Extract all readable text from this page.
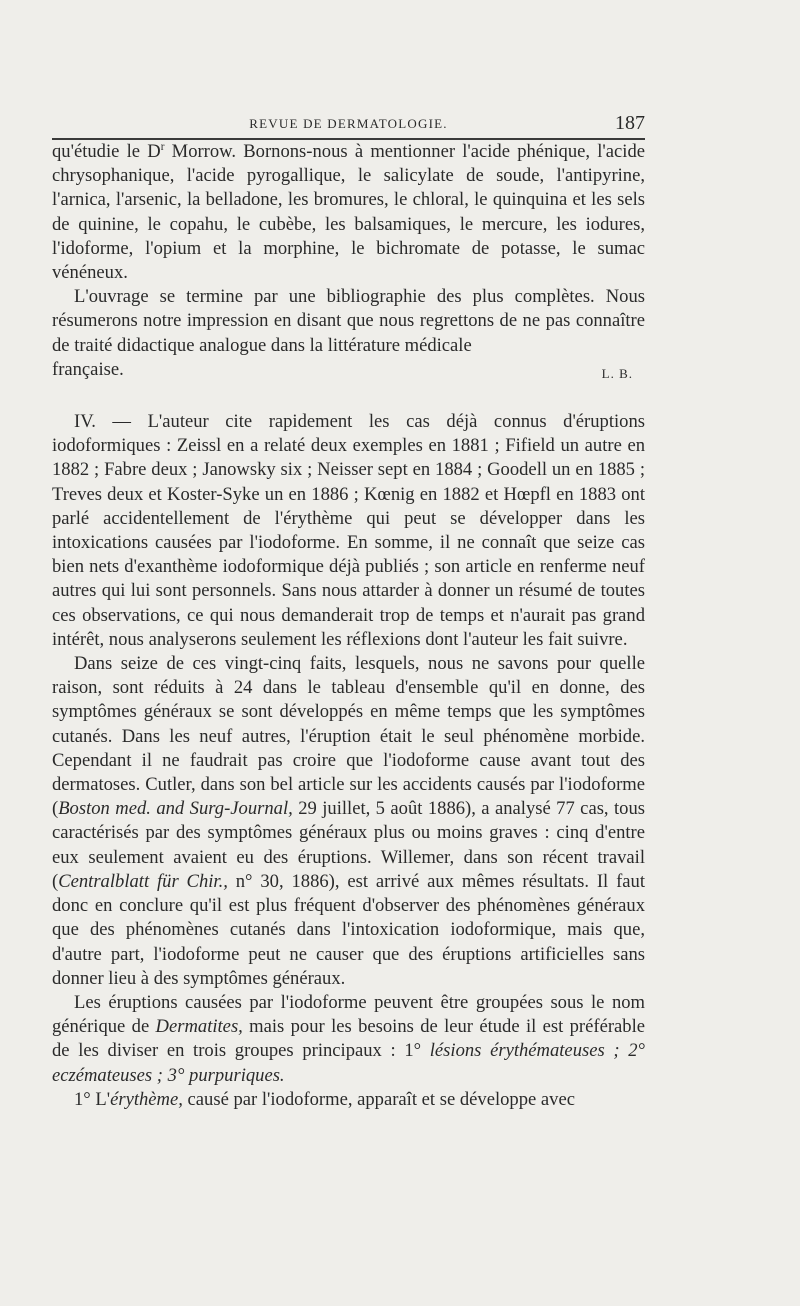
REVUE DE DERMATOLOGIE.	187

qu'étudie le $D^r$ Morrow. Bornons-nous à mentionner l'acide phénique, l'acide chrysophanique, l'acide pyrogallique, le salicylate de soude, l'antipyrine, l'arnica, l'arsenic, la belladone, les bromures, le chloral, le quinquina et les sels de quinine, le copahu, le cubèbe, les balsamiques, le mercure, les iodures, l'idoforme, l'opium et la morphine, le bichromate de potasse, le sumac vénéneux.

L'ouvrage se termine par une bibliographie des plus complètes. Nous résumerons notre impression en disant que nous regrettons de ne pas connaître de traité didactique analogue dans la littérature médicale

française.	L. B.

IV. — L'auteur cite rapidement les cas déjà connus d'éruptions iodoformiques : Zeissl en a relaté deux exemples en 1881 ; Fifield un autre en 1882 ; Fabre deux ; Janowsky six ; Neisser sept en 1884 ; Goodell un en 1885 ; Treves deux et Koster-Syke un en 1886 ; Kœnig en 1882 et Hœpfl en 1883 ont parlé accidentellement de l'érythème qui peut se développer dans les intoxications causées par l'iodoforme. En somme, il ne connaît que seize cas bien nets d'exanthème iodoformique déjà publiés ; son article en renferme neuf autres qui lui sont personnels. Sans nous attarder à donner un résumé de toutes ces observations, ce qui nous demanderait trop de temps et n'aurait pas grand intérêt, nous analyserons seulement les réflexions dont l'auteur les fait suivre.

Dans seize de ces vingt-cinq faits, lesquels, nous ne savons pour quelle raison, sont réduits à 24 dans le tableau d'ensemble qu'il en donne, des symptômes généraux se sont développés en même temps que les symptômes cutanés. Dans les neuf autres, l'éruption était le seul phénomène morbide. Cependant il ne faudrait pas croire que l'iodoforme cause avant tout des dermatoses. Cutler, dans son bel article sur les accidents causés par l'iodoforme (Boston med. and Surg-Journal, 29 juillet, 5 août 1886), a analysé 77 cas, tous caractérisés par des symptômes généraux plus ou moins graves : cinq d'entre eux seulement avaient eu des éruptions. Willemer, dans son récent travail (Centralblatt für Chir., n° 30, 1886), est arrivé aux mêmes résultats. Il faut donc en conclure qu'il est plus fréquent d'observer des phénomènes généraux que des phénomènes cutanés dans l'intoxication iodoformique, mais que, d'autre part, l'iodoforme peut ne causer que des éruptions artificielles sans donner lieu à des symptômes généraux.

Les éruptions causées par l'iodoforme peuvent être groupées sous le nom générique de Dermatites, mais pour les besoins de leur étude il est préférable de les diviser en trois groupes principaux : 1° lésions érythémateuses ; 2° eczémateuses ; 3° purpuriques.

1° L'érythème, causé par l'iodoforme, apparaît et se développe avec
